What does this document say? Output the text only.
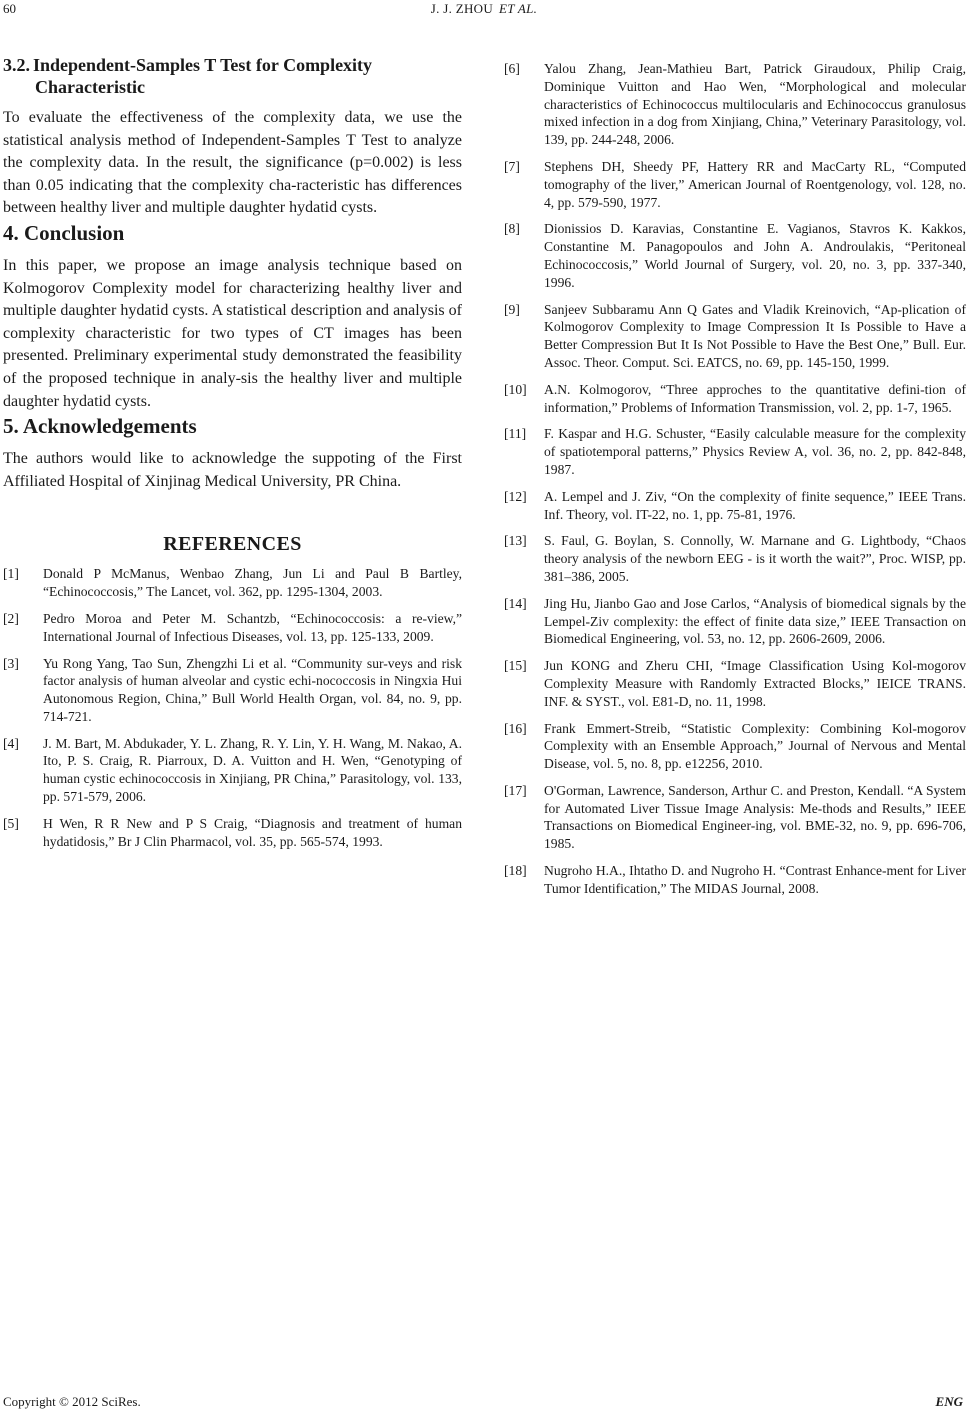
60	J. J. ZHOU ET AL.
3.2. Independent-Samples T Test for Complexity
Characteristic

To evaluate the effectiveness of the complexity data, we use the statistical analysis method of Independent-Samples T Test to analyze the complexity data. In the result, the significance (p=0.002) is less than 0.05 indicating that the complexity cha-racteristic has differences between healthy liver and multiple daughter hydatid cysts.

4. Conclusion

In this paper, we propose an image analysis technique based on Kolmogorov Complexity model for characterizing healthy liver and multiple daughter hydatid cysts. A statistical description and analysis of complexity characteristic for two types of CT images has been presented. Preliminary experimental study demonstrated the feasibility of the proposed technique in analy-sis the healthy liver and multiple daughter hydatid cysts.

5. Acknowledgements

The authors would like to acknowledge the suppoting of the First Affiliated Hospital of Xinjinag Medical University, PR China.

REFERENCES
[1]	Donald P McManus, Wenbao Zhang, Jun Li and Paul B Bartley, “Echinococcosis,” The Lancet, vol. 362, pp. 1295-1304, 2003.
[2]	Pedro Moroa and Peter M. Schantzb, “Echinococcosis: a re-view,” International Journal of Infectious Diseases, vol. 13, pp. 125-133, 2009.
[3]	Yu Rong Yang, Tao Sun, Zhengzhi Li et al. “Community sur-veys and risk factor analysis of human alveolar and cystic echi-nococcosis in Ningxia Hui Autonomous Region, China,” Bull World Health Organ, vol. 84, no. 9, pp. 714-721.
[4]	J. M. Bart, M. Abdukader, Y. L. Zhang, R. Y. Lin, Y. H. Wang, M. Nakao, A. Ito, P. S. Craig, R. Piarroux, D. A. Vuitton and H. Wen, “Genotyping of human cystic echinococcosis in Xinjiang, PR China,” Parasitology, vol. 133, pp. 571-579, 2006.
[5]	H Wen, R R New and P S Craig, “Diagnosis and treatment of human hydatidosis,” Br J Clin Pharmacol, vol. 35, pp. 565-574, 1993.
[6]	Yalou Zhang, Jean-Mathieu Bart, Patrick Giraudoux, Philip Craig, Dominique Vuitton and Hao Wen, “Morphological and molecular characteristics of Echinococcus multilocularis and Echinococcus granulosus mixed infection in a dog from Xinjiang, China,” Veterinary Parasitology, vol. 139, pp. 244-248, 2006.
[7]	Stephens DH, Sheedy PF, Hattery RR and MacCarty RL, “Computed tomography of the liver,” American Journal of Roentgenology, vol. 128, no. 4, pp. 579-590, 1977.
[8]	Dionissios D. Karavias, Constantine E. Vagianos, Stavros K. Kakkos, Constantine M. Panagopoulos and John A. Androulakis, “Peritoneal Echinococcosis,” World Journal of Surgery, vol. 20, no. 3, pp. 337-340, 1996.
[9]	Sanjeev Subbaramu Ann Q Gates and Vladik Kreinovich, “Ap-plication of Kolmogorov Complexity to Image Compression It Is Possible to Have a Better Compression But It Is Not Possible to Have the Best One,” Bull. Eur. Assoc. Theor. Comput. Sci. EATCS, no. 69, pp. 145-150, 1999.
[10]	A.N. Kolmogorov, “Three approches to the quantitative defini-tion of information,” Problems of Information Transmission, vol. 2, pp. 1-7, 1965.
[11]	F. Kaspar and H.G. Schuster, “Easily calculable measure for the complexity of spatiotemporal patterns,” Physics Review A, vol. 36, no. 2, pp. 842-848, 1987.
[12]	A. Lempel and J. Ziv, “On the complexity of finite sequence,” IEEE Trans. Inf. Theory, vol. IT-22, no. 1, pp. 75-81, 1976.
[13]	S. Faul, G. Boylan, S. Connolly, W. Marnane and G. Lightbody, “Chaos theory analysis of the newborn EEG - is it worth the wait?”, Proc. WISP, pp. 381–386, 2005.
[14]	Jing Hu, Jianbo Gao and Jose Carlos, “Analysis of biomedical signals by the Lempel-Ziv complexity: the effect of finite data size,” IEEE Transaction on Biomedical Engineering, vol. 53, no. 12, pp. 2606-2609, 2006.
[15]	Jun KONG and Zheru CHI, “Image Classification Using Kol-mogorov Complexity Measure with Randomly Extracted Blocks,” IEICE TRANS. INF. & SYST., vol. E81-D, no. 11, 1998.
[16]	Frank Emmert-Streib, “Statistic Complexity: Combining Kol-mogorov Complexity with an Ensemble Approach,” Journal of Nervous and Mental Disease, vol. 5, no. 8, pp. e12256, 2010.
[17]	O'Gorman, Lawrence, Sanderson, Arthur C. and Preston, Kendall. “A System for Automated Liver Tissue Image Analysis: Me-thods and Results,” IEEE Transactions on Biomedical Engineer-ing, vol. BME-32, no. 9, pp. 696-706, 1985.
[18]	Nugroho H.A., Ihtatho D. and Nugroho H. “Contrast Enhance-ment for Liver Tumor Identification,” The MIDAS Journal, 2008.
Copyright © 2012 SciRes.	ENG
